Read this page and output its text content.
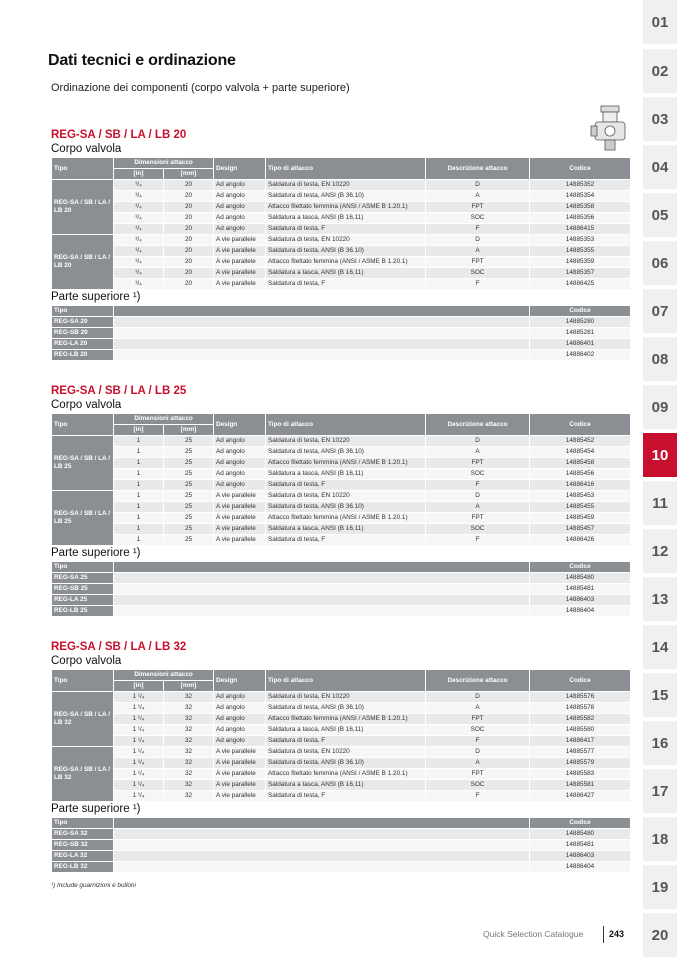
Dati tecnici e ordinazione
Ordinazione dei componenti (corpo valvola + parte superiore)
REG-SA / SB / LA / LB 20
Corpo valvola
Tipo	Dimensioni attacco		Design	Tipo di attacco	Descrizione attacco	Codice
	[in]	[mm]				
REG-SA / SB / LA / LB 20	³/₄	20	Ad angolo	Saldatura di testa, EN 10220	D	14885352
	³/₄	20	Ad angolo	Saldatura di testa, ANSI (B 36.10)	A	14885354
	³/₄	20	Ad angolo	Attacco filettato femmina (ANSI / ASME B 1.20.1)	FPT	14885358
	³/₄	20	Ad angolo	Saldatura a tasca, ANSI (B 16,11)	SOC	14885356
	³/₄	20	Ad angolo	Saldatura di testa, F	F	14886415
REG-SA / SB / LA / LB 20	³/₄	20	A vie parallele	Saldatura di testa, EN 10220	D	14885353
	³/₄	20	A vie parallele	Saldatura di testa, ANSI (B 36.10)	A	14885355
	³/₄	20	A vie parallele	Attacco filettato femmina (ANSI / ASME B 1.20.1)	FPT	14885359
	³/₄	20	A vie parallele	Saldatura a tasca, ANSI (B 16,11)	SOC	14885357
	³/₄	20	A vie parallele	Saldatura di testa, F	F	14886425
Parte superiore ¹)
Tipo		Codice
REG-SA 20		14885280
REG-SB 20		14885281
REG-LA 20		14886401
REG-LB 20		14886402
REG-SA / SB / LA / LB 25
Corpo valvola
Tipo	Dimensioni attacco		Design	Tipo di attacco	Descrizione attacco	Codice
	[in]	[mm]				
REG-SA / SB / LA / LB 25	1	25	Ad angolo	Saldatura di testa, EN 10220	D	14885452
	1	25	Ad angolo	Saldatura di testa, ANSI (B 36.10)	A	14885454
	1	25	Ad angolo	Attacco filettato femmina (ANSI / ASME B 1.20.1)	FPT	14885458
	1	25	Ad angolo	Saldatura a tasca, ANSI (B 16,11)	SOC	14885456
	1	25	Ad angolo	Saldatura di testa, F	F	14886416
REG-SA / SB / LA / LB 25	1	25	A vie parallele	Saldatura di testa, EN 10220	D	14885453
	1	25	A vie parallele	Saldatura di testa, ANSI (B 36.10)	A	14885455
	1	25	A vie parallele	Attacco filettato femmina (ANSI / ASME B 1.20.1)	FPT	14885459
	1	25	A vie parallele	Saldatura a tasca, ANSI (B 16,11)	SOC	14885457
	1	25	A vie parallele	Saldatura di testa, F	F	14886426
Parte superiore ¹)
Tipo		Codice
REG-SA 25		14885480
REG-SB 25		14885481
REG-LA 25		14886403
REG-LB 25		14886404
REG-SA / SB / LA / LB 32
Corpo valvola
Tipo	Dimensioni attacco		Design	Tipo di attacco	Descrizione attacco	Codice
	[in]	[mm]				
REG-SA / SB / LA / LB 32	1 ¹/₄	32	Ad angolo	Saldatura di testa, EN 10220	D	14885576
	1 ¹/₄	32	Ad angolo	Saldatura di testa, ANSI (B 36.10)	A	14885578
	1 ¹/₄	32	Ad angolo	Attacco filettato femmina (ANSI / ASME B 1.20.1)	FPT	14885582
	1 ¹/₄	32	Ad angolo	Saldatura a tasca, ANSI (B 16,11)	SOC	14885580
	1 ¹/₄	32	Ad angolo	Saldatura di testa, F	F	14886417
REG-SA / SB / LA / LB 32	1 ¹/₄	32	A vie parallele	Saldatura di testa, EN 10220	D	14885577
	1 ¹/₄	32	A vie parallele	Saldatura di testa, ANSI (B 36.10)	A	14885579
	1 ¹/₄	32	A vie parallele	Attacco filettato femmina (ANSI / ASME B 1.20.1)	FPT	14885583
	1 ¹/₄	32	A vie parallele	Saldatura a tasca, ANSI (B 16,11)	SOC	14885581
	1 ¹/₄	32	A vie parallele	Saldatura di testa, F	F	14886427
Parte superiore ¹)
Tipo		Codice
REG-SA 32		14885480
REG-SB 32		14885481
REG-LA 32		14886403
REG-LB 32		14886404
¹) Include guarnizioni e bulloni
Quick Selection Catalogue	243
01
02
03
04
05
06
07
08
09
10
11
12
13
14
15
16
17
18
19
20
